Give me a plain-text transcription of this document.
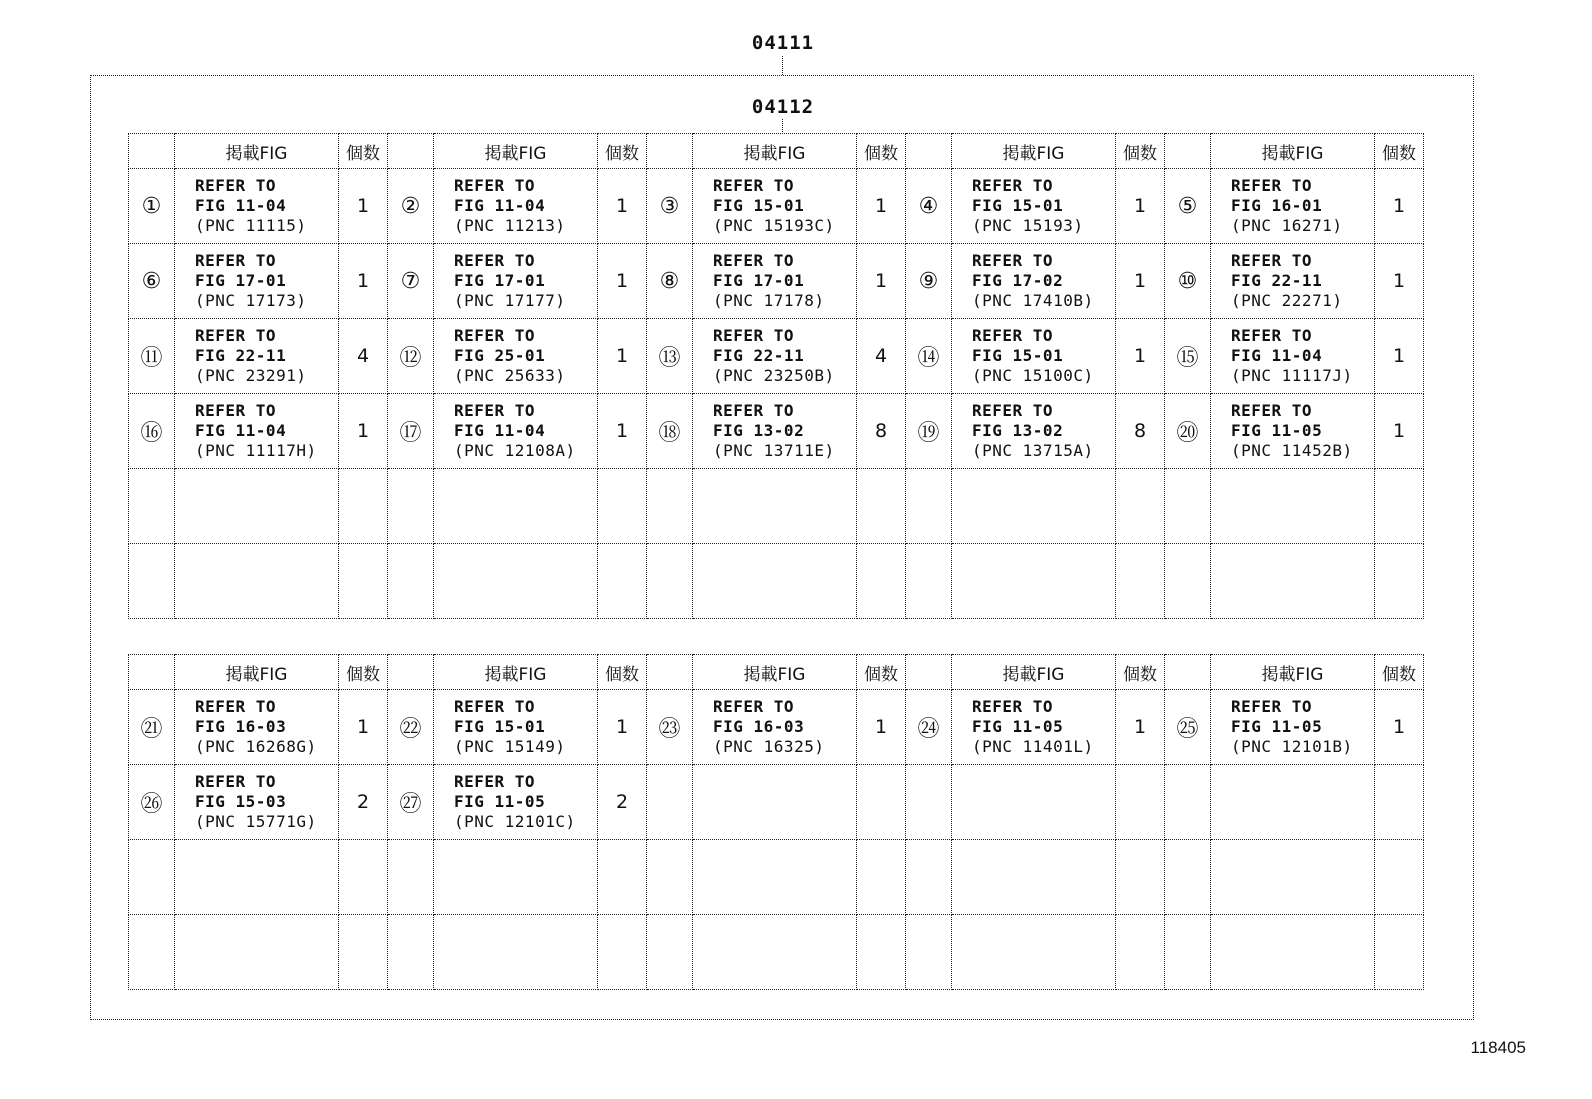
04111
04112
	掲載FIG	個数		掲載FIG	個数		掲載FIG	個数		掲載FIG	個数		掲載FIG	個数
①	REFER TO
FIG 11-04
(PNC 11115)	1	②	REFER TO
FIG 11-04
(PNC 11213)	1	③	REFER TO
FIG 15-01
(PNC 15193C)	1	④	REFER TO
FIG 15-01
(PNC 15193)	1	⑤	REFER TO
FIG 16-01
(PNC 16271)	1
⑥	REFER TO
FIG 17-01
(PNC 17173)	1	⑦	REFER TO
FIG 17-01
(PNC 17177)	1	⑧	REFER TO
FIG 17-01
(PNC 17178)	1	⑨	REFER TO
FIG 17-02
(PNC 17410B)	1	⑩	REFER TO
FIG 22-11
(PNC 22271)	1
⑪	REFER TO
FIG 22-11
(PNC 23291)	4	⑫	REFER TO
FIG 25-01
(PNC 25633)	1	⑬	REFER TO
FIG 22-11
(PNC 23250B)	4	⑭	REFER TO
FIG 15-01
(PNC 15100C)	1	⑮	REFER TO
FIG 11-04
(PNC 11117J)	1
⑯	REFER TO
FIG 11-04
(PNC 11117H)	1	⑰	REFER TO
FIG 11-04
(PNC 12108A)	1	⑱	REFER TO
FIG 13-02
(PNC 13711E)	8	⑲	REFER TO
FIG 13-02
(PNC 13715A)	8	⑳	REFER TO
FIG 11-05
(PNC 11452B)	1

	掲載FIG	個数		掲載FIG	個数		掲載FIG	個数		掲載FIG	個数		掲載FIG	個数
㉑	REFER TO
FIG 16-03
(PNC 16268G)	1	㉒	REFER TO
FIG 15-01
(PNC 15149)	1	㉓	REFER TO
FIG 16-03
(PNC 16325)	1	㉔	REFER TO
FIG 11-05
(PNC 11401L)	1	㉕	REFER TO
FIG 11-05
(PNC 12101B)	1
㉖	REFER TO
FIG 15-03
(PNC 15771G)	2	㉗	REFER TO
FIG 11-05
(PNC 12101C)	2									

118405
